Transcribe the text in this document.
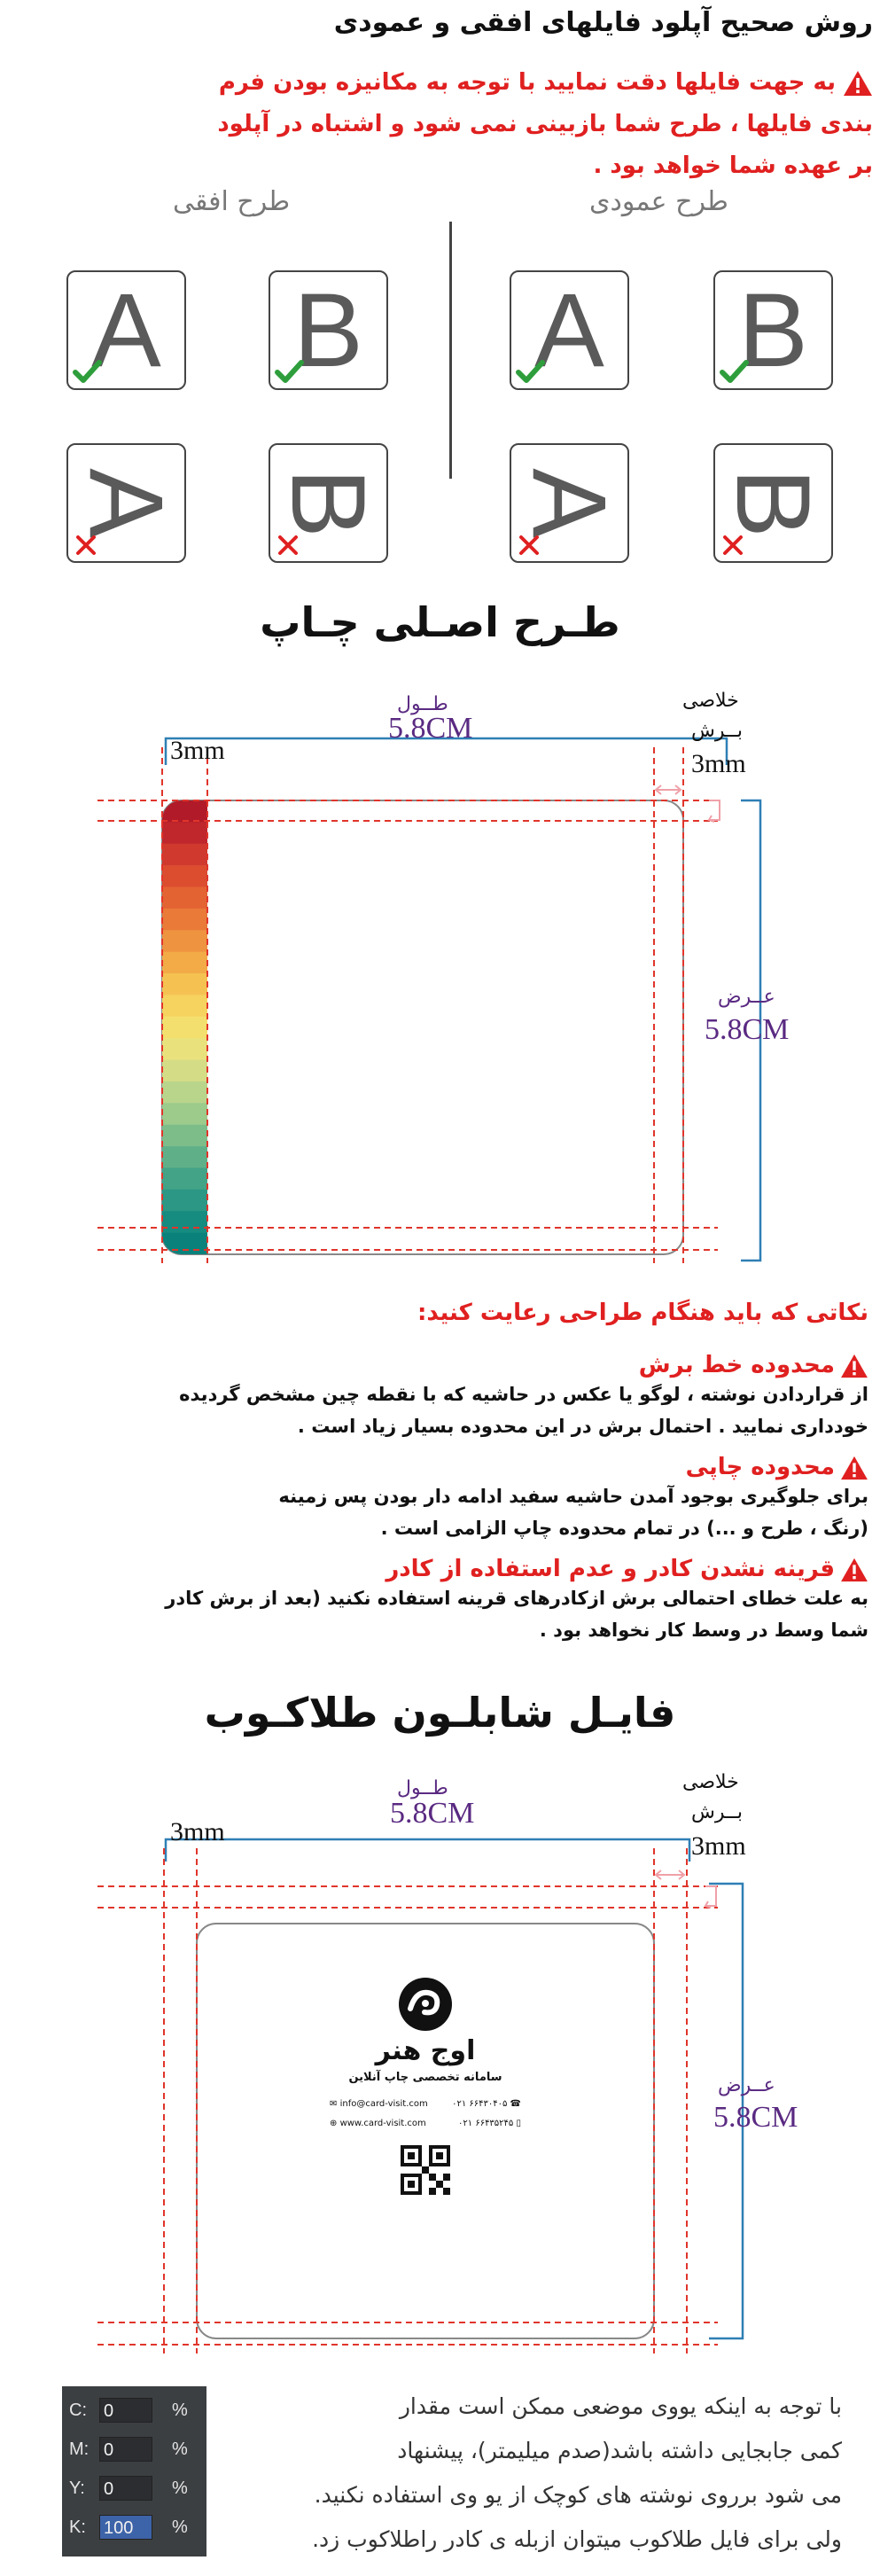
روش صحیح آپلود فایلهای افقی و عمودی
به جهت فایلها دقت نمایید با توجه به مکانیزه بودن فرم
بندی فایلها ، طرح شما بازبینی نمی شود و اشتباه در آپلود
بر عهده شما خواهد بود .
طرح افقی	طرح عمودی
A B
A B
A B
A B
طـرح اصـلی چـاپ
طــول
5.8CM
3mm
خلاصی
بــرش
3mm
عــرض
5.8CM
نکاتی که باید هنگام طراحی رعایت کنید:
محدوده خط برش
از قراردادن نوشته ، لوگو یا عکس در حاشیه که با نقطه چین مشخص گردیده
خودداری نمایید . احتمال برش در این محدوده بسیار زیاد است .
محدوده چاپی
برای جلوگیری بوجود آمدن حاشیه سفید ادامه دار بودن پس زمینه
(رنگ ، طرح و ...) در تمام محدوده چاپ الزامی است .
قرینه نشدن کادر و عدم استفاده از کادر
به علت خطای احتمالی برش ازکادرهای قرینه استفاده نکنید (بعد از برش کادر
شما وسط در وسط کار نخواهد بود .
فایـل شابلـون طلاکـوب
طــول
5.8CM
3mm
خلاصی
بــرش
3mm
عــرض
5.8CM
اوج هنر
سامانه تخصصی چاپ آنلاین
✉ info@card-visit.com	۰۲۱ ۶۶۴۳۰۴۰۵ ☎
⊕ www.card-visit.com	۰۲۱ ۶۶۴۳۵۲۴۵ ▯
C: 0	%
M: 0	%
Y: 0	%
K: 100	%
با توجه به اینکه یووی موضعی ممکن است مقدار
کمی جابجایی داشته باشد(صدم میلیمتر)، پیشنهاد
می شود برروی نوشته های کوچک از یو وی استفاده نکنید.
ولی برای فایل طلاکوب میتوان ازبله ی کادر راطلاکوب زد.
